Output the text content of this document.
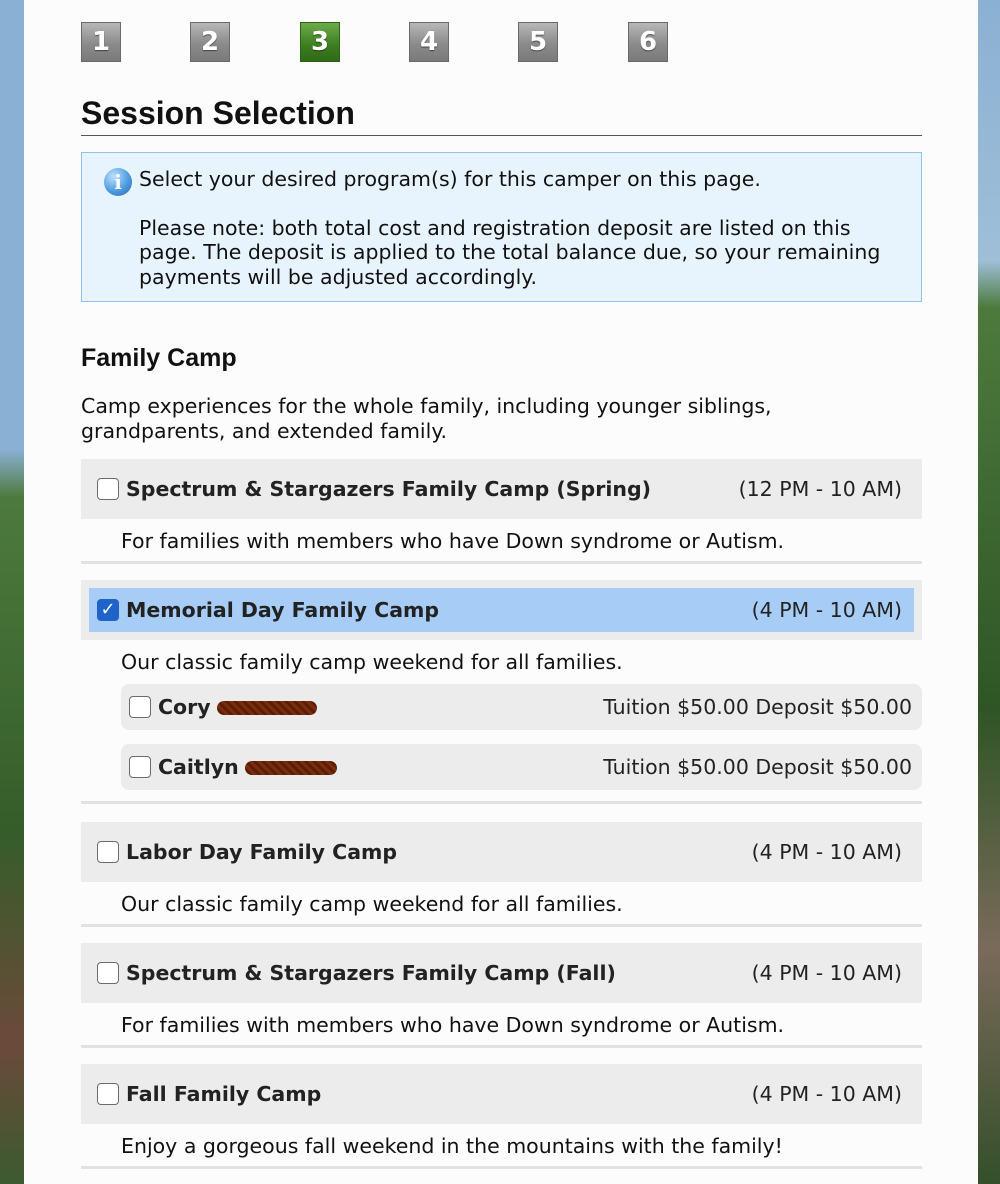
1	2	3	4	5	6
Session Selection
i Select your desired program(s) for this camper on this page.

Please note: both total cost and registration deposit are listed on this page. The deposit is applied to the total balance due, so your remaining payments will be adjusted accordingly.

Family Camp

Camp experiences for the whole family, including younger siblings, grandparents, and extended family.

Spectrum & Stargazers Family Camp (Spring)	(12 PM - 10 AM)
For families with members who have Down syndrome or Autism.
✓ Memorial Day Family Camp	(4 PM - 10 AM)
Our classic family camp weekend for all families.
Cory	Tuition $50.00 Deposit $50.00
Caitlyn	Tuition $50.00 Deposit $50.00
Labor Day Family Camp	(4 PM - 10 AM)
Our classic family camp weekend for all families.
Spectrum & Stargazers Family Camp (Fall)	(4 PM - 10 AM)
For families with members who have Down syndrome or Autism.
Fall Family Camp	(4 PM - 10 AM)
Enjoy a gorgeous fall weekend in the mountains with the family!
